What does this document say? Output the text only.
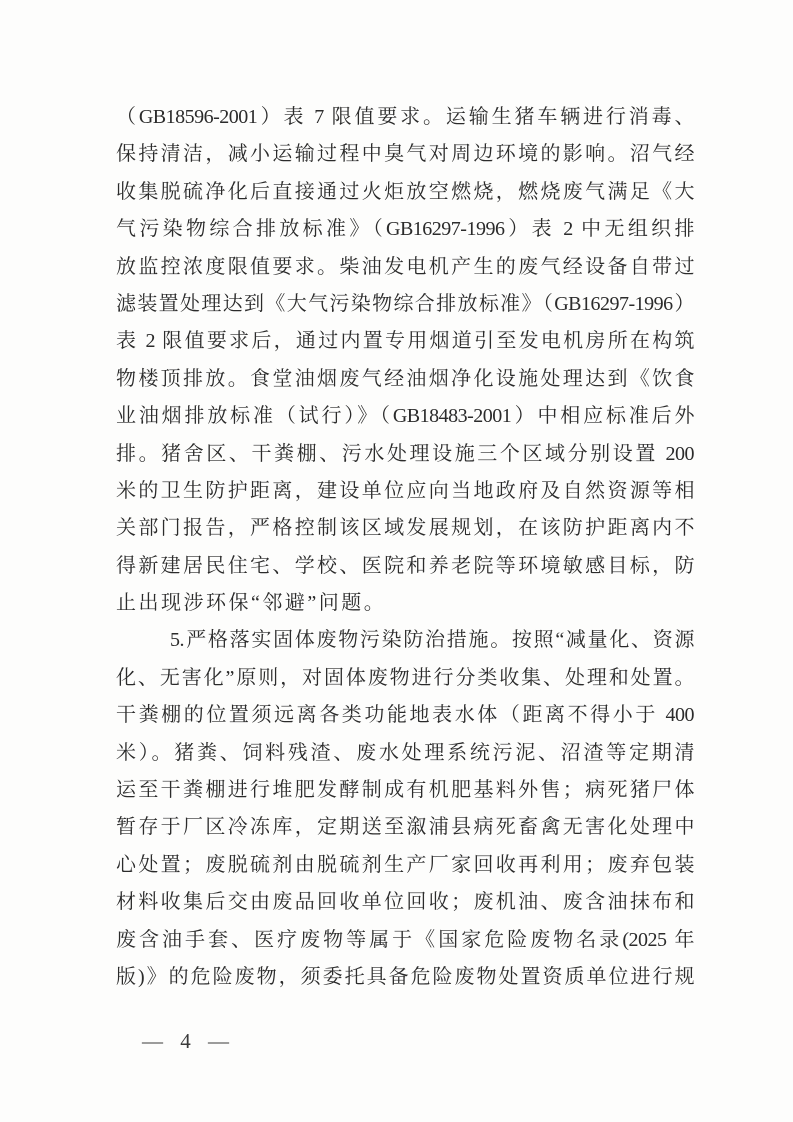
（GB18596-2001）表 7 限值要求。运输生猪车辆进行消毒、

保持清洁，减小运输过程中臭气对周边环境的影响。沼气经

收集脱硫净化后直接通过火炬放空燃烧，燃烧废气满足《大

气污染物综合排放标准》（GB16297-1996）表 2 中无组织排

放监控浓度限值要求。柴油发电机产生的废气经设备自带过

滤装置处理达到《大气污染物综合排放标准》（GB16297-1996）

表 2 限值要求后，通过内置专用烟道引至发电机房所在构筑

物楼顶排放。食堂油烟废气经油烟净化设施处理达到《饮食

业油烟排放标准（试行）》（GB18483-2001）中相应标准后外

排。猪舍区、干粪棚、污水处理设施三个区域分别设置 200

米的卫生防护距离，建设单位应向当地政府及自然资源等相

关部门报告，严格控制该区域发展规划，在该防护距离内不

得新建居民住宅、学校、医院和养老院等环境敏感目标，防

止出现涉环保“邻避”问题。

5.严格落实固体废物污染防治措施。按照“减量化、资源

化、无害化”原则，对固体废物进行分类收集、处理和处置。

干粪棚的位置须远离各类功能地表水体（距离不得小于 400

米）。猪粪、饲料残渣、废水处理系统污泥、沼渣等定期清

运至干粪棚进行堆肥发酵制成有机肥基料外售；病死猪尸体

暂存于厂区冷冻库，定期送至溆浦县病死畜禽无害化处理中

心处置；废脱硫剂由脱硫剂生产厂家回收再利用；废弃包装

材料收集后交由废品回收单位回收；废机油、废含油抹布和

废含油手套、医疗废物等属于《国家危险废物名录(2025 年

版)》的危险废物，须委托具备危险废物处置资质单位进行规

— 4 —
